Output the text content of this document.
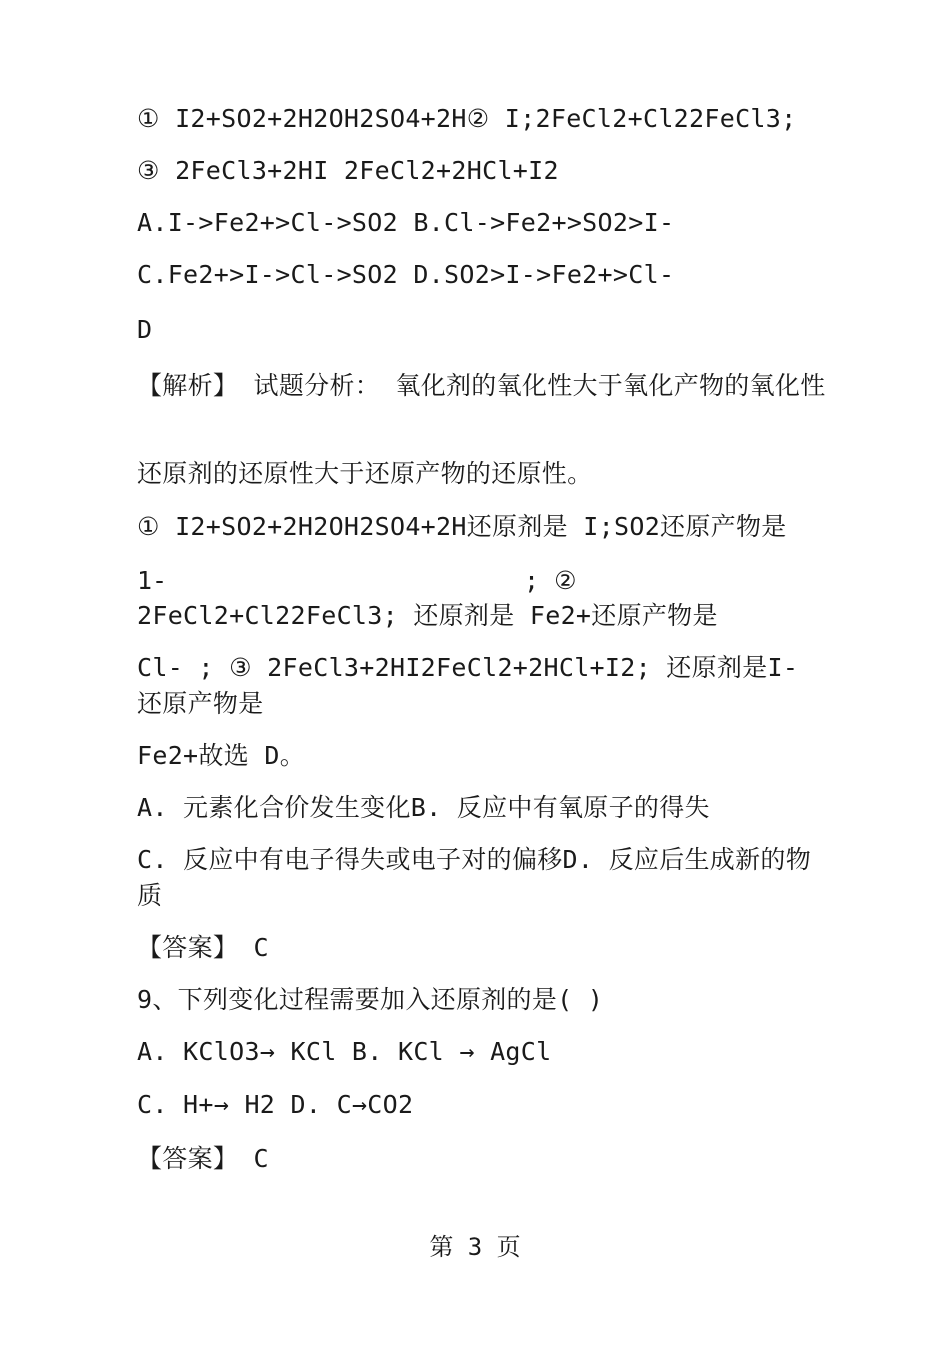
① I2+SO2+2H2OH2SO4+2H② I;2FeCl2+Cl22FeCl3;
③ 2FeCl3+2HI 2FeCl2+2HCl+I2
A.I->Fe2+>Cl->SO2 B.Cl->Fe2+>SO2>I-
C.Fe2+>I->Cl->SO2 D.SO2>I->Fe2+>Cl-
D
【解析】 试题分析： 氧化剂的氧化性大于氧化产物的氧化性
还原剂的还原性大于还原产物的还原性。
① I2+SO2+2H2OH2SO4+2H还原剂是 I;SO2还原产物是
1-	; ②
2FeCl2+Cl22FeCl3; 还原剂是 Fe2+还原产物是
Cl- ; ③ 2FeCl3+2HI2FeCl2+2HCl+I2; 还原剂是I- 还原产物是
Fe2+故选 D。
A. 元素化合价发生变化B. 反应中有氧原子的得失
C. 反应中有电子得失或电子对的偏移D. 反应后生成新的物 质
【答案】 C
9、下列变化过程需要加入还原剂的是( )
A. KClO3→ KCl B. KCl → AgCl
C. H+→ H2 D. C→CO2
【答案】 C
第 3 页
